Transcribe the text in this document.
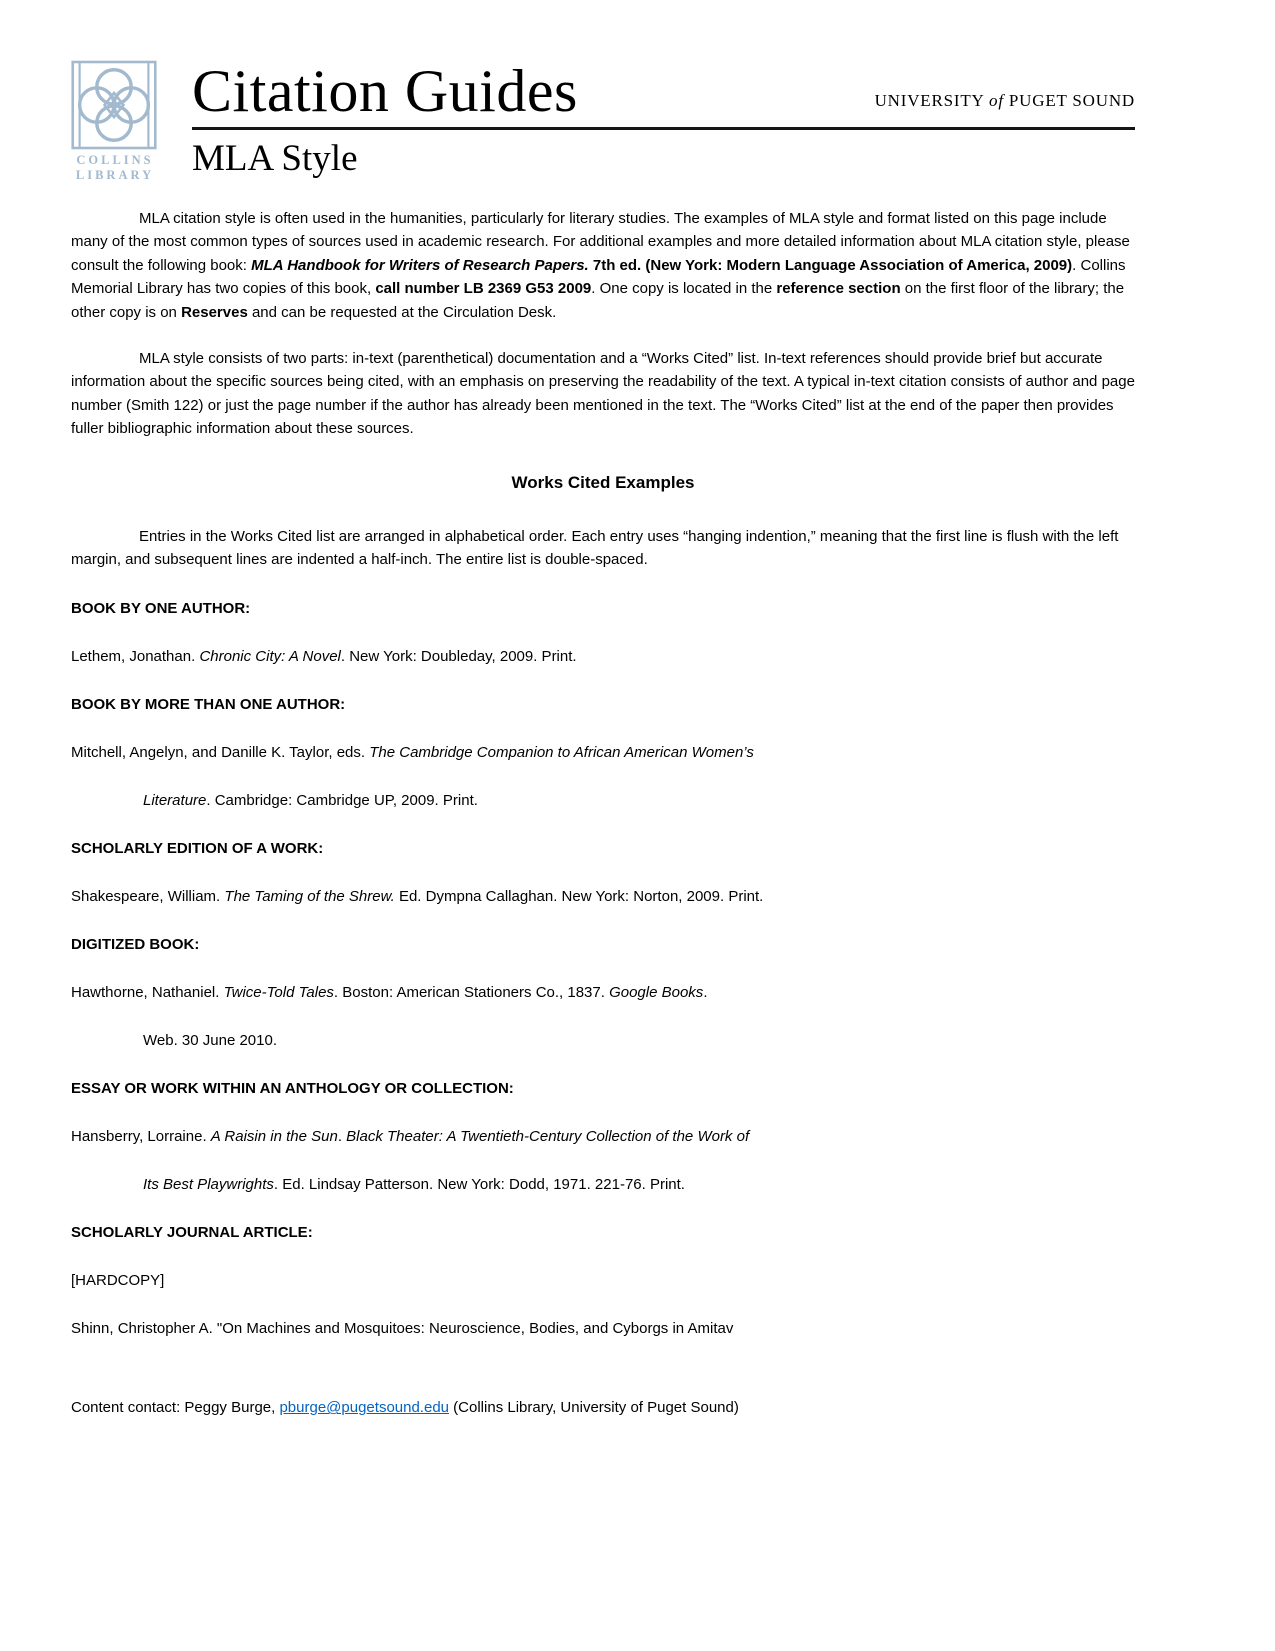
COLLINS
LIBRARY
Citation Guides	UNIVERSITY of PUGET SOUND
MLA Style

MLA citation style is often used in the humanities, particularly for literary studies. The examples of MLA style and format listed on this page include many of the most common types of sources used in academic research. For additional examples and more detailed information about MLA citation style, please consult the following book: MLA Handbook for Writers of Research Papers. 7th ed. (New York: Modern Language Association of America, 2009). Collins Memorial Library has two copies of this book, call number LB 2369 G53 2009. One copy is located in the reference section on the first floor of the library; the other copy is on Reserves and can be requested at the Circulation Desk.

MLA style consists of two parts: in-text (parenthetical) documentation and a “Works Cited” list. In-text references should provide brief but accurate information about the specific sources being cited, with an emphasis on preserving the readability of the text. A typical in-text citation consists of author and page number (Smith 122) or just the page number if the author has already been mentioned in the text. The “Works Cited” list at the end of the paper then provides fuller bibliographic information about these sources.

Works Cited Examples

Entries in the Works Cited list are arranged in alphabetical order. Each entry uses “hanging indention,” meaning that the first line is flush with the left margin, and subsequent lines are indented a half-inch. The entire list is double-spaced.

BOOK BY ONE AUTHOR:

Lethem, Jonathan. Chronic City: A Novel. New York: Doubleday, 2009. Print.

BOOK BY MORE THAN ONE AUTHOR:

Mitchell, Angelyn, and Danille K. Taylor, eds. The Cambridge Companion to African American Women’s

Literature. Cambridge: Cambridge UP, 2009. Print.

SCHOLARLY EDITION OF A WORK:

Shakespeare, William. The Taming of the Shrew. Ed. Dympna Callaghan. New York: Norton, 2009. Print.

DIGITIZED BOOK:

Hawthorne, Nathaniel. Twice-Told Tales. Boston: American Stationers Co., 1837. Google Books.

Web. 30 June 2010.

ESSAY OR WORK WITHIN AN ANTHOLOGY OR COLLECTION:

Hansberry, Lorraine. A Raisin in the Sun. Black Theater: A Twentieth-Century Collection of the Work of

Its Best Playwrights. Ed. Lindsay Patterson. New York: Dodd, 1971. 221-76. Print.

SCHOLARLY JOURNAL ARTICLE:

[HARDCOPY]

Shinn, Christopher A. "On Machines and Mosquitoes: Neuroscience, Bodies, and Cyborgs in Amitav

Content contact: Peggy Burge, pburge@pugetsound.edu (Collins Library, University of Puget Sound)
